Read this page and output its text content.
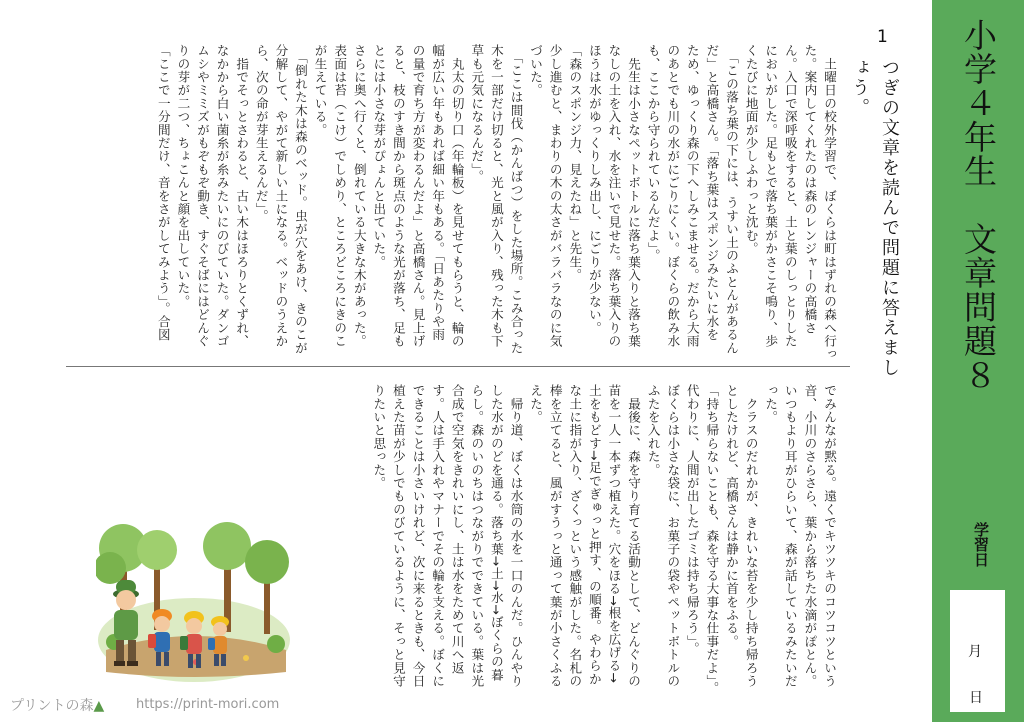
小学４年生　文章問題８
学習日
月
日
1
つぎの文章を読んで問題に答えましょう。
　土曜日の校外学習で、ぼくらは町はずれの森へ行っ
た。案内してくれたのは森のレンジャーの高橋さ
ん。入口で深呼吸をすると、土と葉のしっとりした
においがした。足もとで落ち葉がかさこそ鳴り、歩
くたびに地面が少しふわっと沈む。
　「この落ち葉の下には、うすい土のふとんがあるん
だ」と高橋さん。「落ち葉はスポンジみたいに水を
ため、ゆっくり森の下へしみこませる。だから大雨
のあとでも川の水がにごりにくい。ぼくらの飲み水
も、ここから守られているんだよ」。
　先生は小さなペットボトルに落ち葉入りと落ち葉
なしの土を入れ、水を注いで見せた。落ち葉入りの
ほうは水がゆっくりしみ出し、にごりが少ない。
「森のスポンジ力、見えたね」と先生。
少し進むと、まわりの木の太さがバラバラなのに気
づいた。
　「ここは間伐（かんばつ）をした場所。こみ合った
木を一部だけ切ると、光と風が入り、残った木も下
草も元気になるんだ」。
　丸太の切り口（年輪板）を見せてもらうと、輪の
幅が広い年もあれば細い年もある。「日あたりや雨
の量で育ち方が変わるんだよ」と高橋さん。見上げ
ると、枝のすき間から斑点のような光が落ち、足も
とには小さな芽がぴょんと出ていた。
さらに奥へ行くと、倒れている大きな木があった。
表面は苔（こけ）でしめり、ところどころにきのこ
が生えている。
　「倒れた木は森のベッド。虫が穴をあけ、きのこが
分解して、やがて新しい土になる。ベッドのうえか
ら、次の命が芽生えるんだ」。
　指でそっとさわると、古い木はほろりとくずれ、
なかから白い菌糸が糸みたいにのびていた。ダンゴ
ムシやミミズがもぞもぞ動き、すぐそばにはどんぐ
りの芽が二つ、ちょこんと顔を出していた。
「ここで一分間だけ、音をさがしてみよう」。合図
でみんなが黙る。遠くでキツツキのコツコツという
音、小川のさらさら、葉から落ちた水滴がぽとん。
いつもより耳がひらいて、森が話しているみたいだ
った。
　クラスのだれかが、きれいな苔を少し持ち帰ろう
としたけれど、高橋さんは静かに首をふる。
「持ち帰らないことも、森を守る大事な仕事だよ」。
代わりに、人間が出したゴミは持ち帰ろう」。
ぼくらは小さな袋に、お菓子の袋やペットボトルの
ふたを入れた。
　最後に、森を守り育てる活動として、どんぐりの
苗を一人一本ずつ植えた。穴をほる→根を広げる→
土をもどす→足でぎゅっと押す、の順番。やわらか
な土に指が入り、ざくっという感触がした。名札の
棒を立てると、風がすうっと通って葉が小さくふる
えた。
　帰り道、ぼくは水筒の水を一口のんだ。ひんやり
した水がのどを通る。落ち葉→土→水→ぼくらの暮
らし。森のいのちはつながりでできている。葉は光
合成で空気をきれいにし、土は水をためて川へ返
す。人は手入れやマナーでその輪を支える。ぼくに
できることは小さいけれど、次に来るときも、今日
植えた苗が少しでものびているように、そっと見守
りたいと思った。
プリントの森▲ https://print-mori.com
